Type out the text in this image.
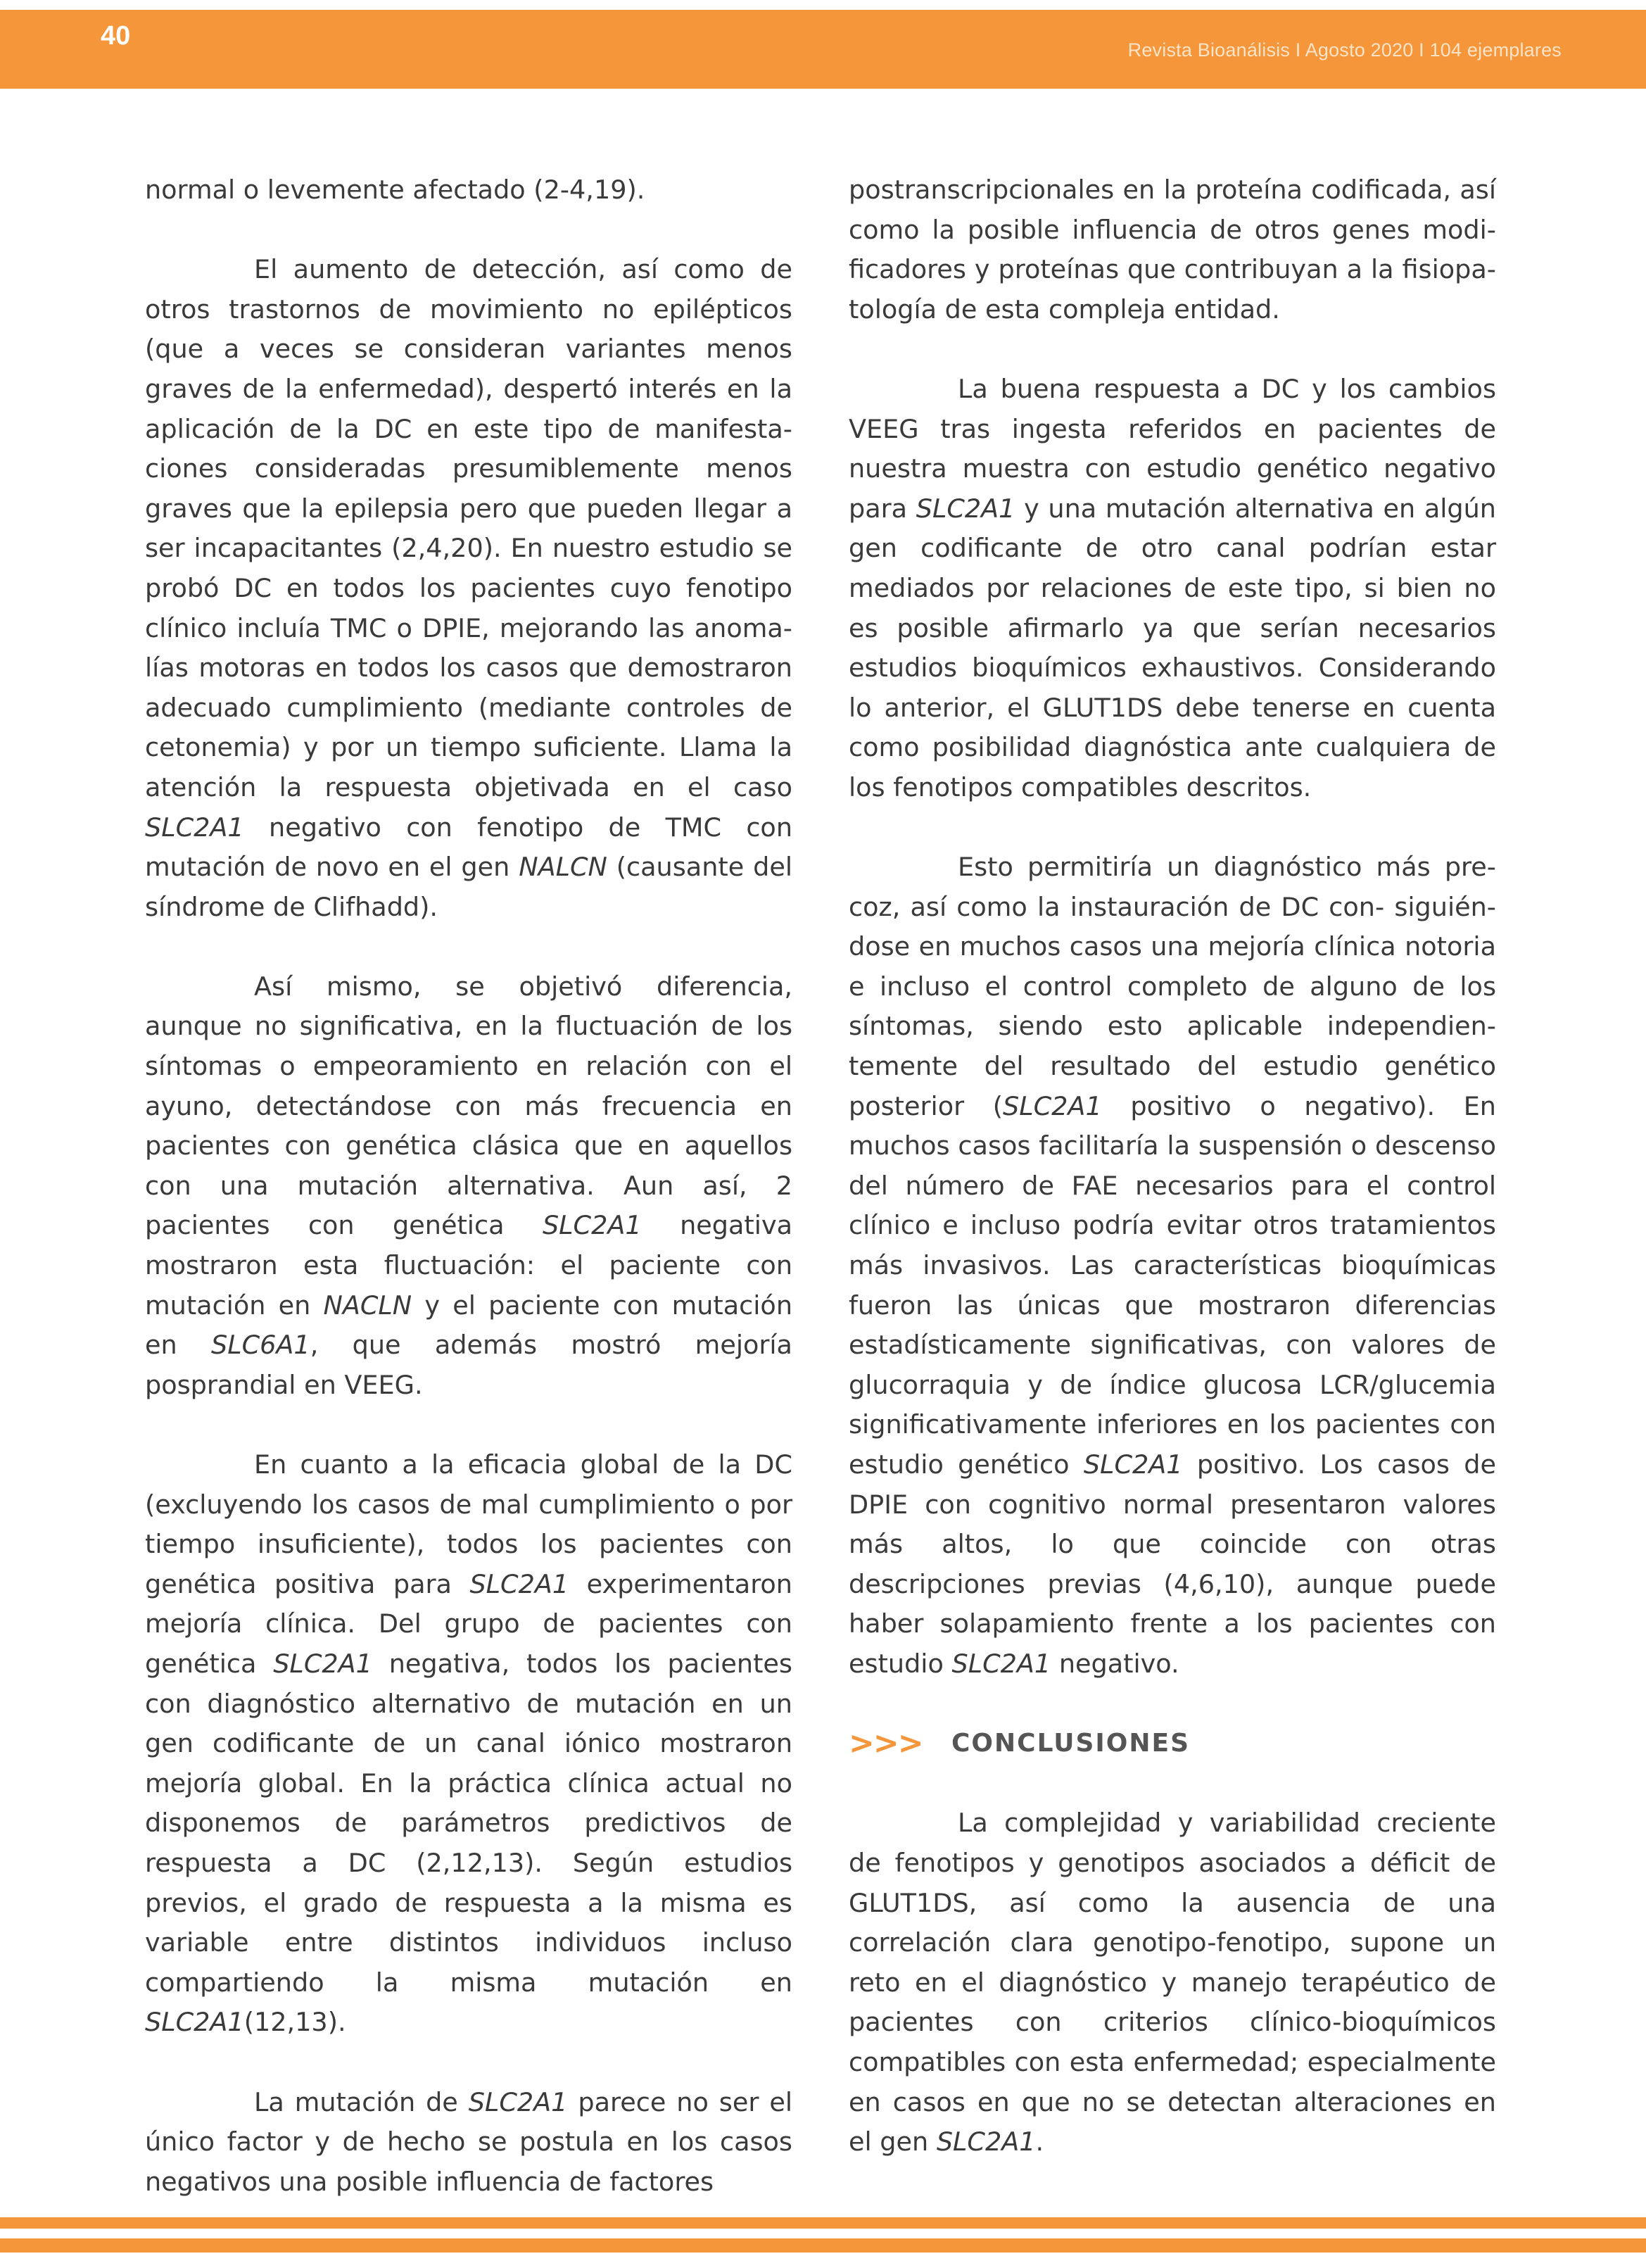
40	Revista Bioanálisis I Agosto 2020 I 104 ejemplares

normal o levemente afectado (2-4,19).

El aumento de detección, así como de otros trastornos de movimiento no epilépticos (que a veces se consideran variantes menos graves de la enfermedad), despertó interés en la aplicación de la DC en este tipo de manifestaciones consideradas presumiblemente menos graves que la epilepsia pero que pueden llegar a ser incapacitantes (2,4,20). En nuestro estudio se probó DC en todos los pacientes cuyo fenotipo clínico incluía TMC o DPIE, mejorando las anomalías motoras en todos los casos que demostraron adecuado cumplimiento (mediante controles de cetonemia) y por un tiempo suficiente. Llama la atención la respuesta objetivada en el caso SLC2A1 negativo con fenotipo de TMC con mutación de novo en el gen NALCN (causante del síndrome de Clifhadd).

Así mismo, se objetivó diferencia, aunque no significativa, en la fluctuación de los síntomas o empeoramiento en relación con el ayuno, detectándose con más frecuencia en pacientes con genética clásica que en aquellos con una mutación alternativa. Aun así, 2 pacientes con genética SLC2A1 negativa mostraron esta fluctuación: el paciente con mutación en NACLN y el paciente con mutación en SLC6A1, que además mostró mejoría posprandial en VEEG.

En cuanto a la eficacia global de la DC (excluyendo los casos de mal cumplimiento o por tiempo insuficiente), todos los pacientes con genética positiva para SLC2A1 experimentaron mejoría clínica. Del grupo de pacientes con genética SLC2A1 negativa, todos los pacientes con diagnóstico alternativo de mutación en un gen codificante de un canal iónico mostraron mejoría global. En la práctica clínica actual no disponemos de parámetros predictivos de respuesta a DC (2,12,13). Según estudios previos, el grado de respuesta a la misma es variable entre distintos individuos incluso compartiendo la misma mutación en SLC2A1(12,13).

La mutación de SLC2A1 parece no ser el único factor y de hecho se postula en los casos negativos una posible influencia de factores

postranscripcionales en la proteína codificada, así como la posible influencia de otros genes modificadores y proteínas que contribuyan a la fisiopatología de esta compleja entidad.

La buena respuesta a DC y los cambios VEEG tras ingesta referidos en pacientes de nuestra muestra con estudio genético negativo para SLC2A1 y una mutación alternativa en algún gen codificante de otro canal podrían estar mediados por relaciones de este tipo, si bien no es posible afirmarlo ya que serían necesarios estudios bioquímicos exhaustivos. Considerando lo anterior, el GLUT1DS debe tenerse en cuenta como posibilidad diagnóstica ante cualquiera de los fenotipos compatibles descritos.

Esto permitiría un diagnóstico más precoz, así como la instauración de DC con- siguiéndose en muchos casos una mejoría clínica notoria e incluso el control completo de alguno de los síntomas, siendo esto aplicable independientemente del resultado del estudio genético posterior (SLC2A1 positivo o negativo). En muchos casos facilitaría la suspensión o descenso del número de FAE necesarios para el control clínico e incluso podría evitar otros tratamientos más invasivos. Las características bioquímicas fueron las únicas que mostraron diferencias estadísticamente significativas, con valores de glucorraquia y de índice glucosa LCR/glucemia significativamente inferiores en los pacientes con estudio genético SLC2A1 positivo. Los casos de DPIE con cognitivo normal presentaron valores más altos, lo que coincide con otras descripciones previas (4,6,10), aunque puede haber solapamiento frente a los pacientes con estudio SLC2A1 negativo.

>>>	CONCLUSIONES

La complejidad y variabilidad creciente de fenotipos y genotipos asociados a déficit de GLUT1DS, así como la ausencia de una correlación clara genotipo-fenotipo, supone un reto en el diagnóstico y manejo terapéutico de pacientes con criterios clínico-bioquímicos compatibles con esta enfermedad; especialmente en casos en que no se detectan alteraciones en el gen SLC2A1.
